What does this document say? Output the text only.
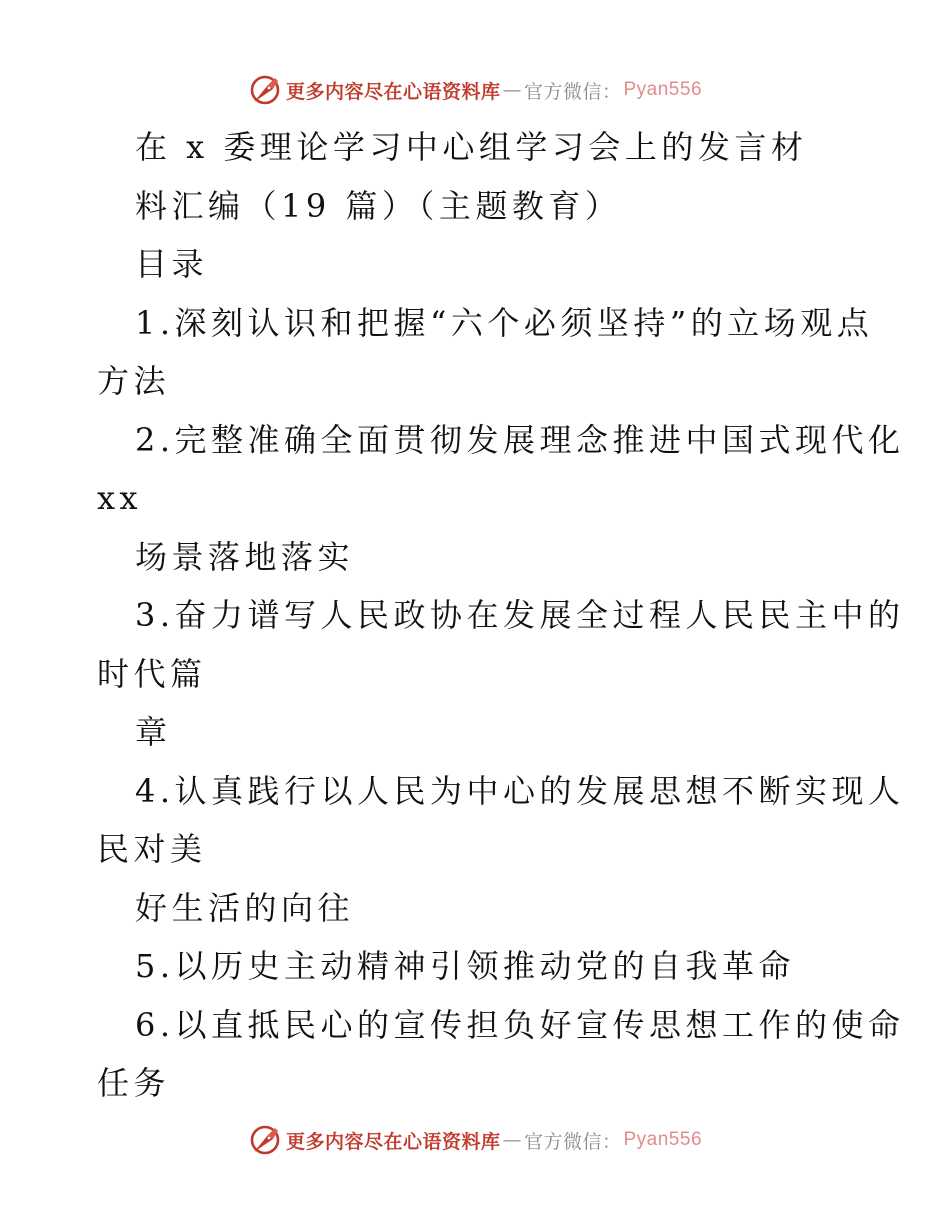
更多内容尽在心语资料库 — 官方微信： Pyan556
在 x 委理论学习中心组学习会上的发言材
料汇编（19 篇）（主题教育）
目录
1.深刻认识和把握“六个必须坚持”的立场观点
方法
2.完整准确全面贯彻发展理念推进中国式现代化
xx
场景落地落实
3.奋力谱写人民政协在发展全过程人民民主中的
时代篇
章
4.认真践行以人民为中心的发展思想不断实现人
民对美
好生活的向往
5.以历史主动精神引领推动党的自我革命
6.以直抵民心的宣传担负好宣传思想工作的使命
任务
更多内容尽在心语资料库 — 官方微信： Pyan556
